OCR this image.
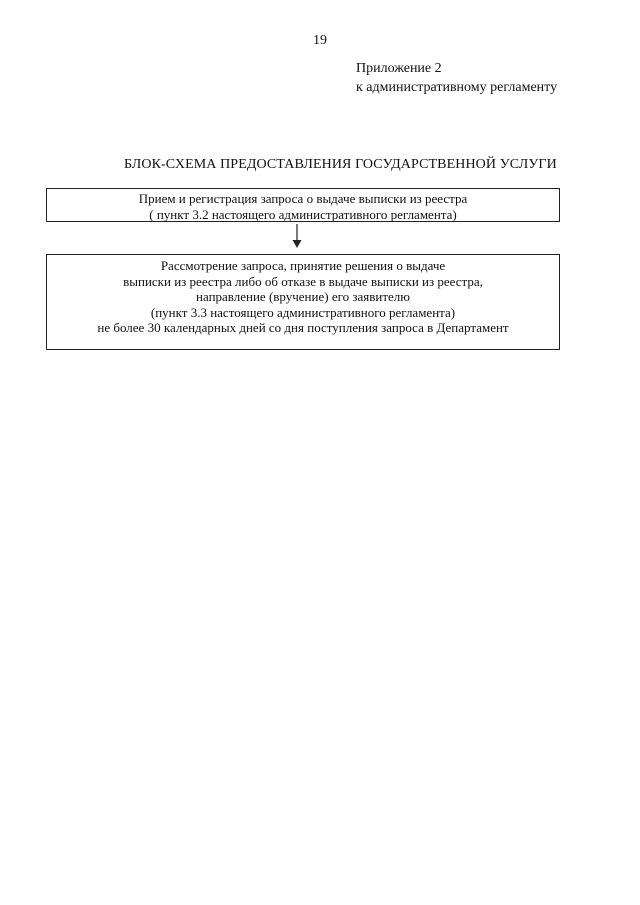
19
Приложение 2
к административному регламенту
БЛОК-СХЕМА ПРЕДОСТАВЛЕНИЯ ГОСУДАРСТВЕННОЙ УСЛУГИ
Прием и регистрация запроса о выдаче выписки из реестра
( пункт 3.2 настоящего административного регламента)
Рассмотрение запроса, принятие решения о выдаче
выписки из реестра либо об отказе в выдаче выписки из реестра,
направление (вручение) его заявителю
(пункт 3.3 настоящего административного регламента)
не более 30 календарных дней со дня поступления запроса в Департамент
